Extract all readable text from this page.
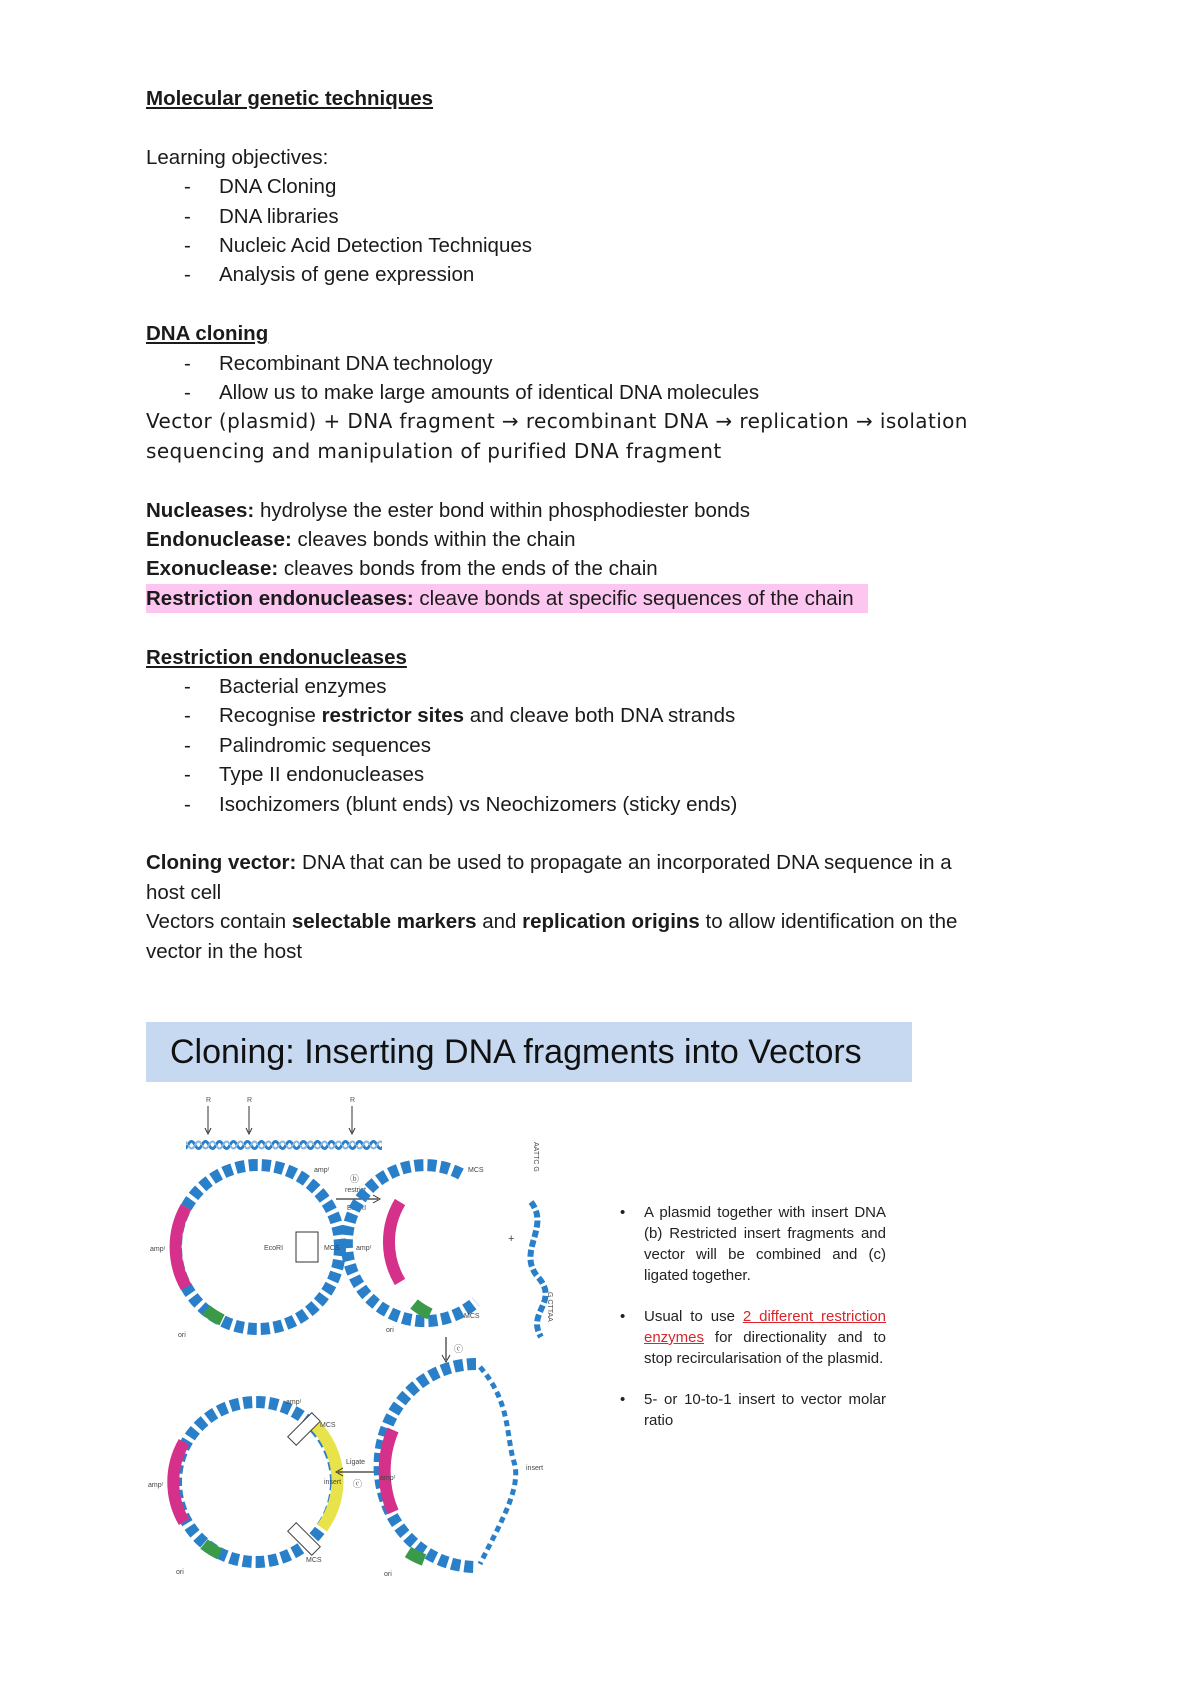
Molecular genetic techniques

Learning objectives:

- DNA Cloning
- DNA libraries
- Nucleic Acid Detection Techniques
- Analysis of gene expression

DNA cloning

- Recombinant DNA technology
- Allow us to make large amounts of identical DNA molecules

Vector (plasmid) + DNA fragment → recombinant DNA → replication → isolation

sequencing and manipulation of purified DNA fragment

Nucleases: hydrolyse the ester bond within phosphodiester bonds

Endonuclease: cleaves bonds within the chain

Exonuclease: cleaves bonds from the ends of the chain

Restriction endonucleases: cleave bonds at specific sequences of the chain

Restriction endonucleases

- Bacterial enzymes
- Recognise restrictor sites and cleave both DNA strands
- Palindromic sequences
- Type II endonucleases
- Isochizomers (blunt ends) vs Neochizomers (sticky ends)

Cloning vector: DNA that can be used to propagate an incorporated DNA sequence in a

host cell

Vectors contain selectable markers and replication origins to allow identification on the

vector in the host

Cloning: Inserting DNA fragments into Vectors
R	R	R
ampʳ
ampʳ
EcoRI	MCS
ori
ⓑ
restrict
EcoRI
ampʳ
MCS
MCS
ori
+
AATTC G
G CTTAA
ⓒ
ampʳ
ampʳ
MCS
MCS
insert
ori
Ligate
ⓒ
ampʳ
insert
ori
• A plasmid together with insert DNA (b) Restricted insert fragments and vector will be combined and (c) ligated together.
• Usual to use 2 different restriction enzymes for directionality and to stop recircularisation of the plasmid.
• 5- or 10-to-1 insert to vector molar ratio
